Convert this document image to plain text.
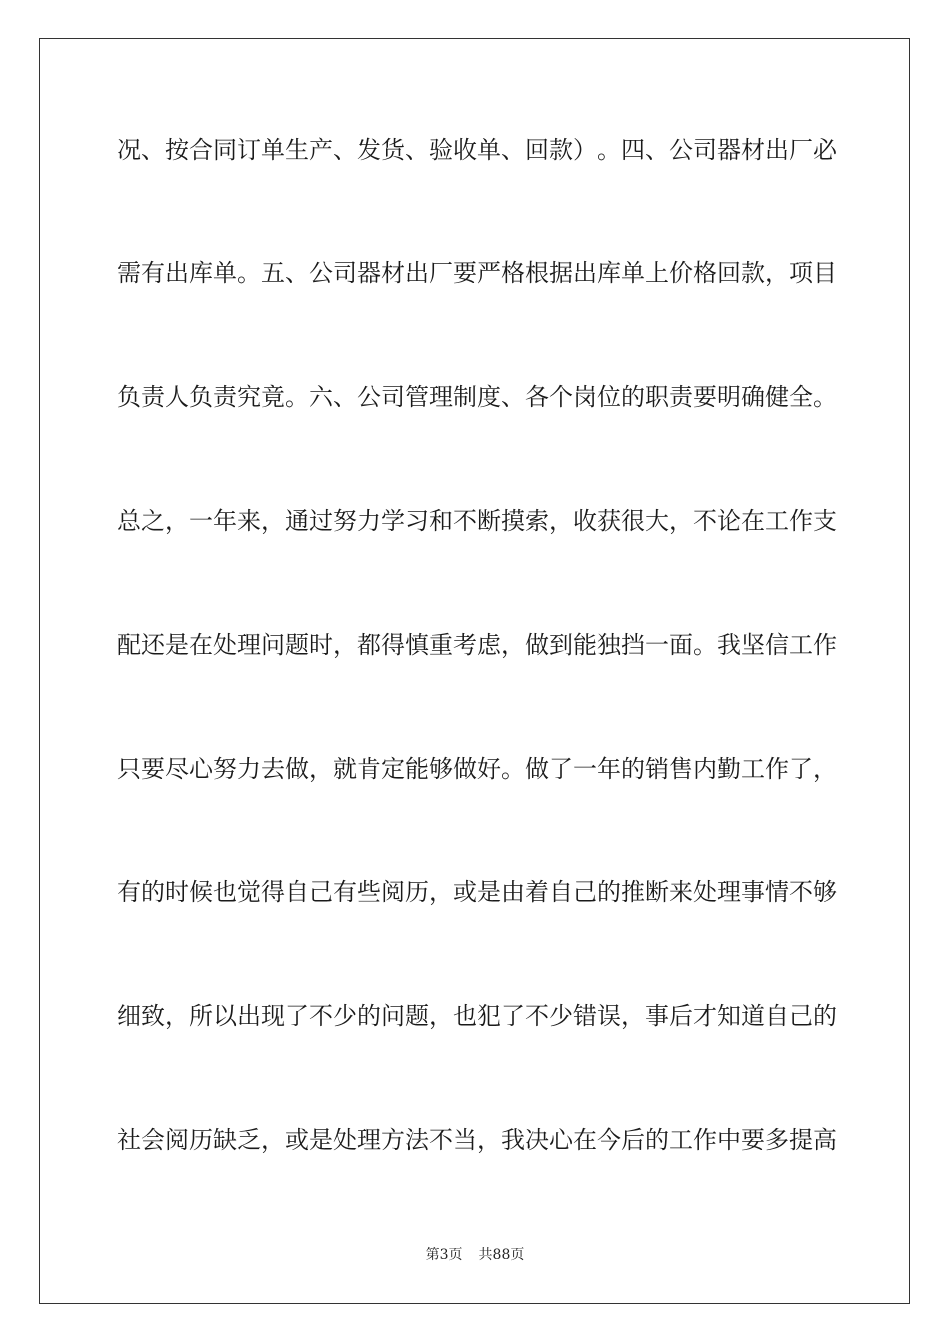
况 、 按 合 同 订 单 生 产 、 发 货 、 验 收 单 、 回 款 ） 。 四 、 公 司 器 材 出 厂 必
需 有 出 库 单 。 五 、 公 司 器 材 出 厂 要 严 格 根 据 出 库 单 上 价 格 回 款 ， 项 目
负 责 人 负 责 究 竟 。 六 、 公 司 管 理 制 度 、 各 个 岗 位 的 职 责 要 明 确 健 全 。
总 之 ， 一 年 来 ， 通 过 努 力 学 习 和 不 断 摸 索 ， 收 获 很 大 ， 不 论 在 工 作 支
配 还 是 在 处 理 问 题 时 ， 都 得 慎 重 考 虑 ， 做 到 能 独 挡 一 面 。 我 坚 信 工 作
只 要 尽 心 努 力 去 做 ， 就 肯 定 能 够 做 好 。 做 了 一 年 的 销 售 内 勤 工 作 了 ，
有 的 时 候 也 觉 得 自 己 有 些 阅 历 ， 或 是 由 着 自 己 的 推 断 来 处 理 事 情 不 够
细 致 ， 所 以 出 现 了 不 少 的 问 题 ， 也 犯 了 不 少 错 误 ， 事 后 才 知 道 自 己 的
社 会 阅 历 缺 乏 ， 或 是 处 理 方 法 不 当 ， 我 决 心 在 今 后 的 工 作 中 要 多 提 高
第3页 共88页
